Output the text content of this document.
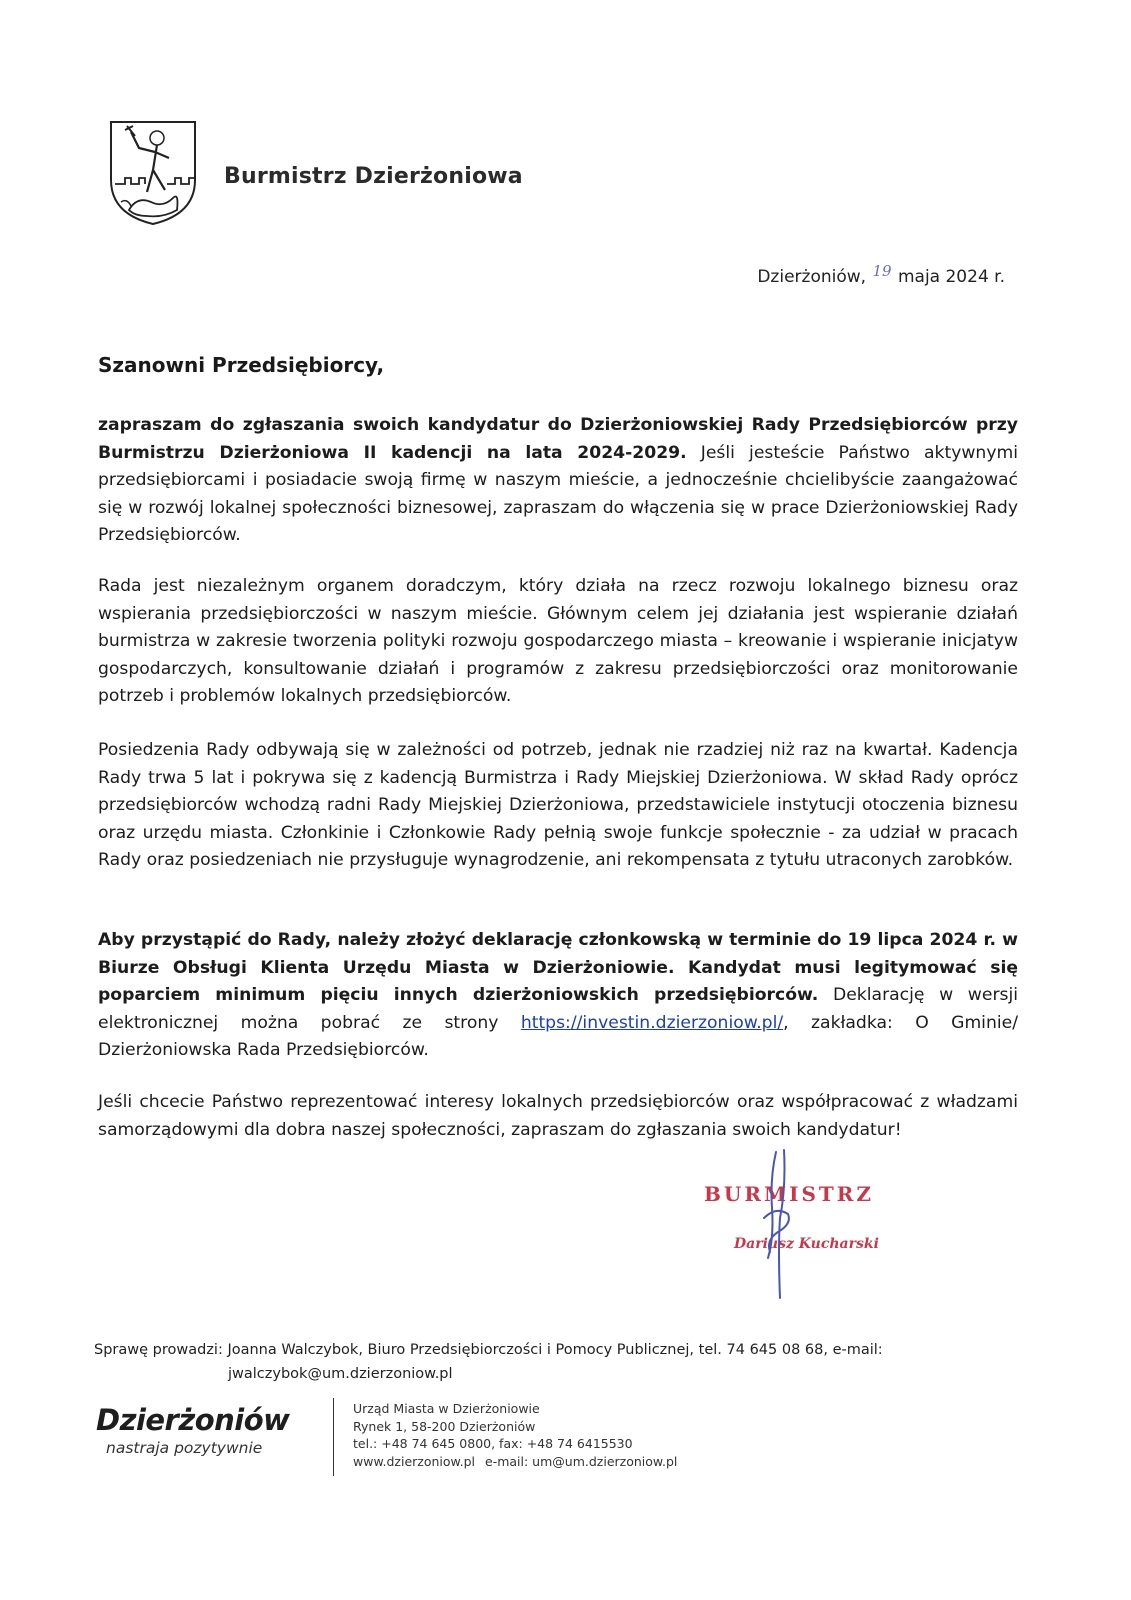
Burmistrz Dzierżoniowa
Dzierżoniów, 19 maja 2024 r.
Szanowni Przedsiębiorcy,
zapraszam do zgłaszania swoich kandydatur do Dzierżoniowskiej Rady Przedsiębiorców przy Burmistrzu Dzierżoniowa II kadencji na lata 2024-2029. Jeśli jesteście Państwo aktywnymi przedsiębiorcami i posiadacie swoją firmę w naszym mieście, a jednocześnie chcielibyście zaangażować się w rozwój lokalnej społeczności biznesowej, zapraszam do włączenia się w prace Dzierżoniowskiej Rady Przedsiębiorców.
Rada jest niezależnym organem doradczym, który działa na rzecz rozwoju lokalnego biznesu oraz wspierania przedsiębiorczości w naszym mieście. Głównym celem jej działania jest wspieranie działań burmistrza w zakresie tworzenia polityki rozwoju gospodarczego miasta – kreowanie i wspieranie inicjatyw gospodarczych, konsultowanie działań i programów z zakresu przedsiębiorczości oraz monitorowanie potrzeb i problemów lokalnych przedsiębiorców.
Posiedzenia Rady odbywają się w zależności od potrzeb, jednak nie rzadziej niż raz na kwartał. Kadencja Rady trwa 5 lat i pokrywa się z kadencją Burmistrza i Rady Miejskiej Dzierżoniowa. W skład Rady oprócz przedsiębiorców wchodzą radni Rady Miejskiej Dzierżoniowa, przedstawiciele instytucji otoczenia biznesu oraz urzędu miasta. Członkinie i Członkowie Rady pełnią swoje funkcje społecznie - za udział w pracach Rady oraz posiedzeniach nie przysługuje wynagrodzenie, ani rekompensata z tytułu utraconych zarobków.
Aby przystąpić do Rady, należy złożyć deklarację członkowską w terminie do 19 lipca 2024 r. w Biurze Obsługi Klienta Urzędu Miasta w Dzierżoniowie. Kandydat musi legitymować się poparciem minimum pięciu innych dzierżoniowskich przedsiębiorców. Deklarację w wersji elektronicznej można pobrać ze strony https://investin.dzierzoniow.pl/, zakładka: O Gminie/ Dzierżoniowska Rada Przedsiębiorców.
Jeśli chcecie Państwo reprezentować interesy lokalnych przedsiębiorców oraz współpracować z władzami samorządowymi dla dobra naszej społeczności, zapraszam do zgłaszania swoich kandydatur!
BURMISTRZ
Dariusz Kucharski
Sprawę prowadzi: Joanna Walczybok, Biuro Przedsiębiorczości i Pomocy Publicznej, tel. 74 645 08 68, e-mail:
jwalczybok@um.dzierzoniow.pl
Dzierżoniów
nastraja pozytywnie
Urząd Miasta w Dzierżoniowie
Rynek 1, 58-200 Dzierżoniów
tel.: +48 74 645 0800, fax: +48 74 6415530
www.dzierzoniow.pl e-mail: um@um.dzierzoniow.pl
